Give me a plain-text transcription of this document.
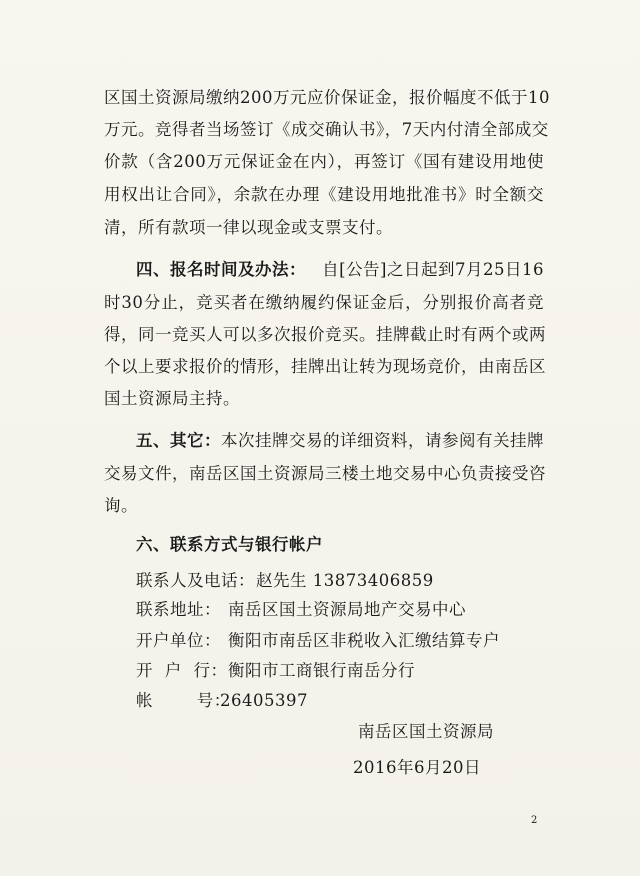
区国土资源局缴纳200万元应价保证金，报价幅度不低于10
万元。竞得者当场签订《成交确认书》，7天内付清全部成交
价款（含200万元保证金在内），再签订《国有建设用地使
用权出让合同》，余款在办理《建设用地批准书》时全额交
清，所有款项一律以现金或支票支付。
四、报名时间及办法： 自[公告]之日起到7月25日16
时30分止，竞买者在缴纳履约保证金后，分别报价高者竞
得，同一竞买人可以多次报价竞买。挂牌截止时有两个或两
个以上要求报价的情形，挂牌出让转为现场竞价，由南岳区
国土资源局主持。
五、其它： 本次挂牌交易的详细资料，请参阅有关挂牌
交易文件，南岳区国土资源局三楼土地交易中心负责接受咨
询。
六、联系方式与银行帐户
联系人及电话：赵先生 13873406859
联系地址： 南岳区国土资源局地产交易中心
开户单位： 衡阳市南岳区非税收入汇缴结算专户
开 户 行：衡阳市工商银行南岳分行
帐 号：26405397
南岳区国土资源局
2016年6月20日
2
